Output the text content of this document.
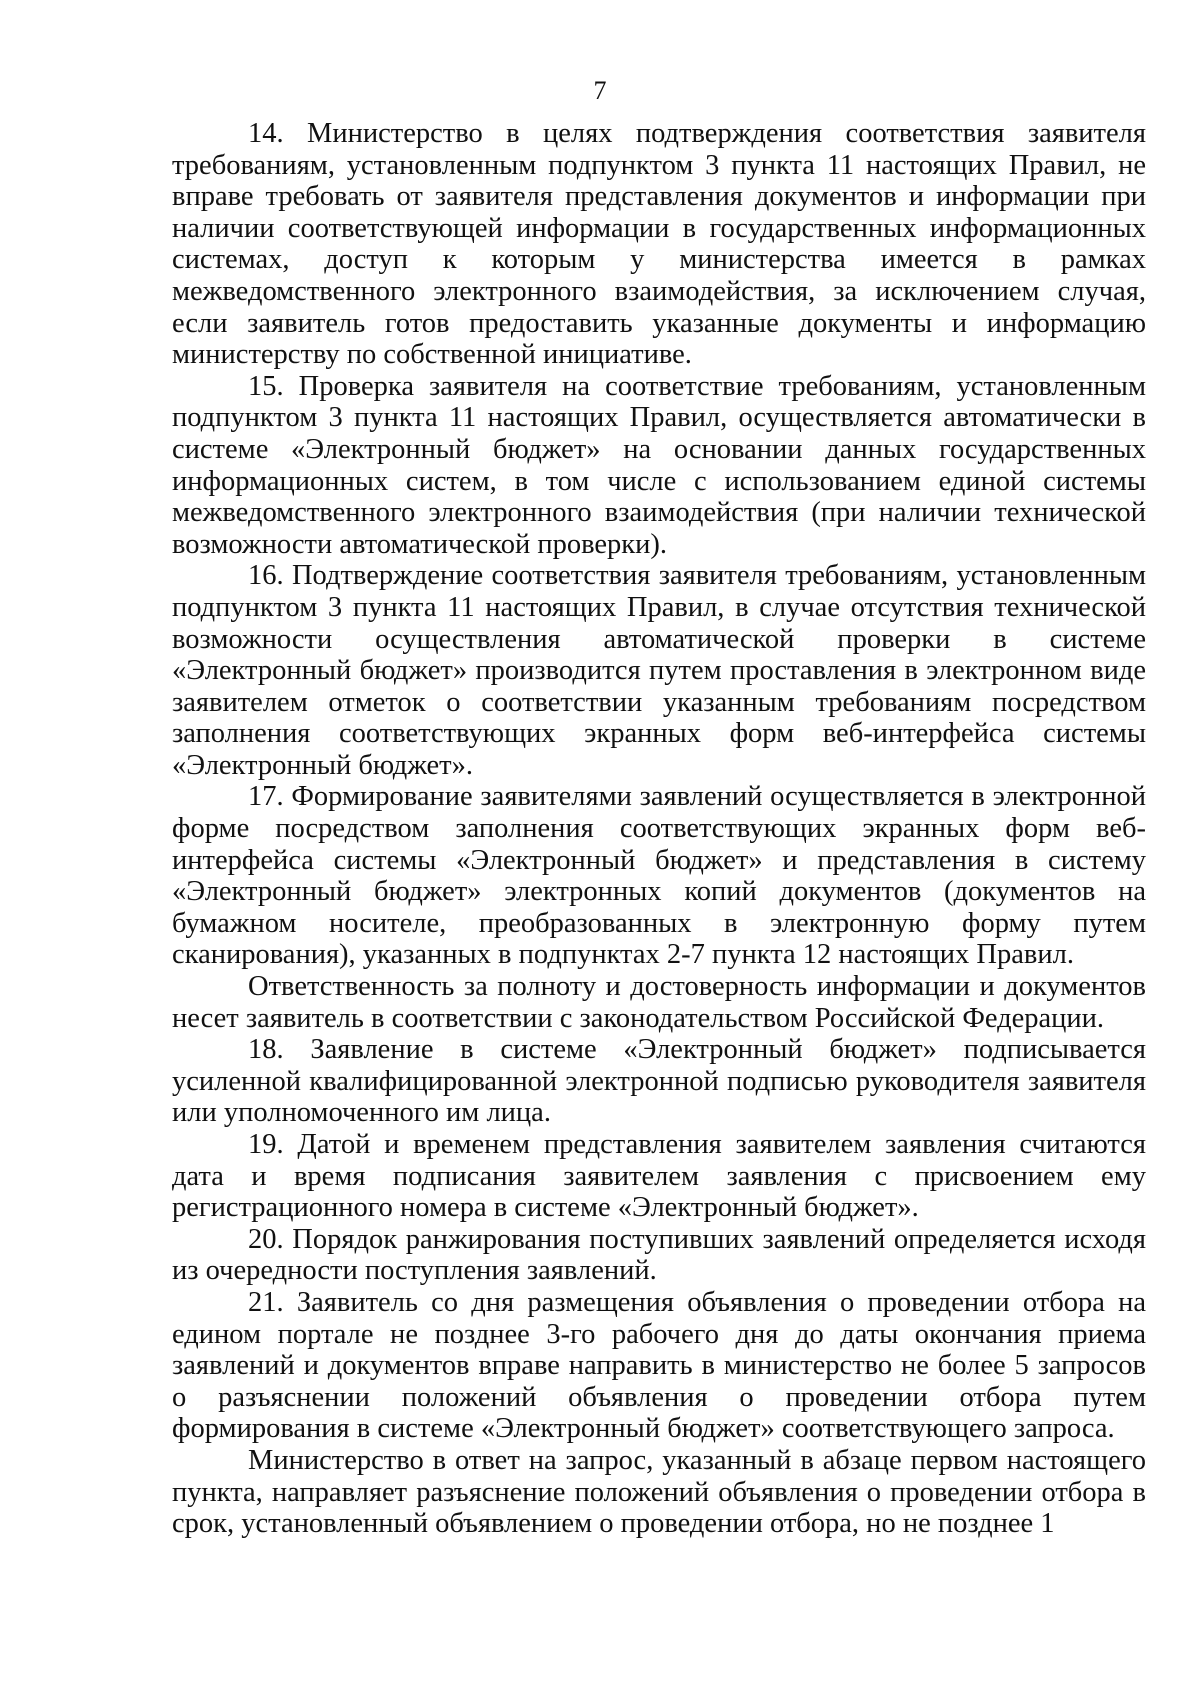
7

14. Министерство в целях подтверждения соответствия заявителя требованиям, установленным подпунктом 3 пункта 11 настоящих Правил, не вправе требовать от заявителя представления документов и информации при наличии соответствующей информации в государственных информационных системах, доступ к которым у министерства имеется в рамках межведомственного электронного взаимодействия, за исключением случая, если заявитель готов предоставить указанные документы и информацию министерству по собственной инициативе.

15. Проверка заявителя на соответствие требованиям, установленным подпунктом 3 пункта 11 настоящих Правил, осуществляется автоматически в системе «Электронный бюджет» на основании данных государственных информационных систем, в том числе с использованием единой системы межведомственного электронного взаимодействия (при наличии технической возможности автоматической проверки).

16. Подтверждение соответствия заявителя требованиям, установленным подпунктом 3 пункта 11 настоящих Правил, в случае отсутствия технической возможности осуществления автоматической проверки в системе «Электронный бюджет» производится путем проставления в электронном виде заявителем отметок о соответствии указанным требованиям посредством заполнения соответствующих экранных форм веб-интерфейса системы «Электронный бюджет».

17. Формирование заявителями заявлений осуществляется в электронной форме посредством заполнения соответствующих экранных форм веб-интерфейса системы «Электронный бюджет» и представления в систему «Электронный бюджет» электронных копий документов (документов на бумажном носителе, преобразованных в электронную форму путем сканирования), указанных в подпунктах 2-7 пункта 12 настоящих Правил.

Ответственность за полноту и достоверность информации и документов несет заявитель в соответствии с законодательством Российской Федерации.

18. Заявление в системе «Электронный бюджет» подписывается усиленной квалифицированной электронной подписью руководителя заявителя или уполномоченного им лица.

19. Датой и временем представления заявителем заявления считаются дата и время подписания заявителем заявления с присвоением ему регистрационного номера в системе «Электронный бюджет».

20. Порядок ранжирования поступивших заявлений определяется исходя из очередности поступления заявлений.

21. Заявитель со дня размещения объявления о проведении отбора на едином портале не позднее 3-го рабочего дня до даты окончания приема заявлений и документов вправе направить в министерство не более 5 запросов о разъяснении положений объявления о проведении отбора путем формирования в системе «Электронный бюджет» соответствующего запроса.

Министерство в ответ на запрос, указанный в абзаце первом настоящего пункта, направляет разъяснение положений объявления о проведении отбора в срок, установленный объявлением о проведении отбора, но не позднее 1
